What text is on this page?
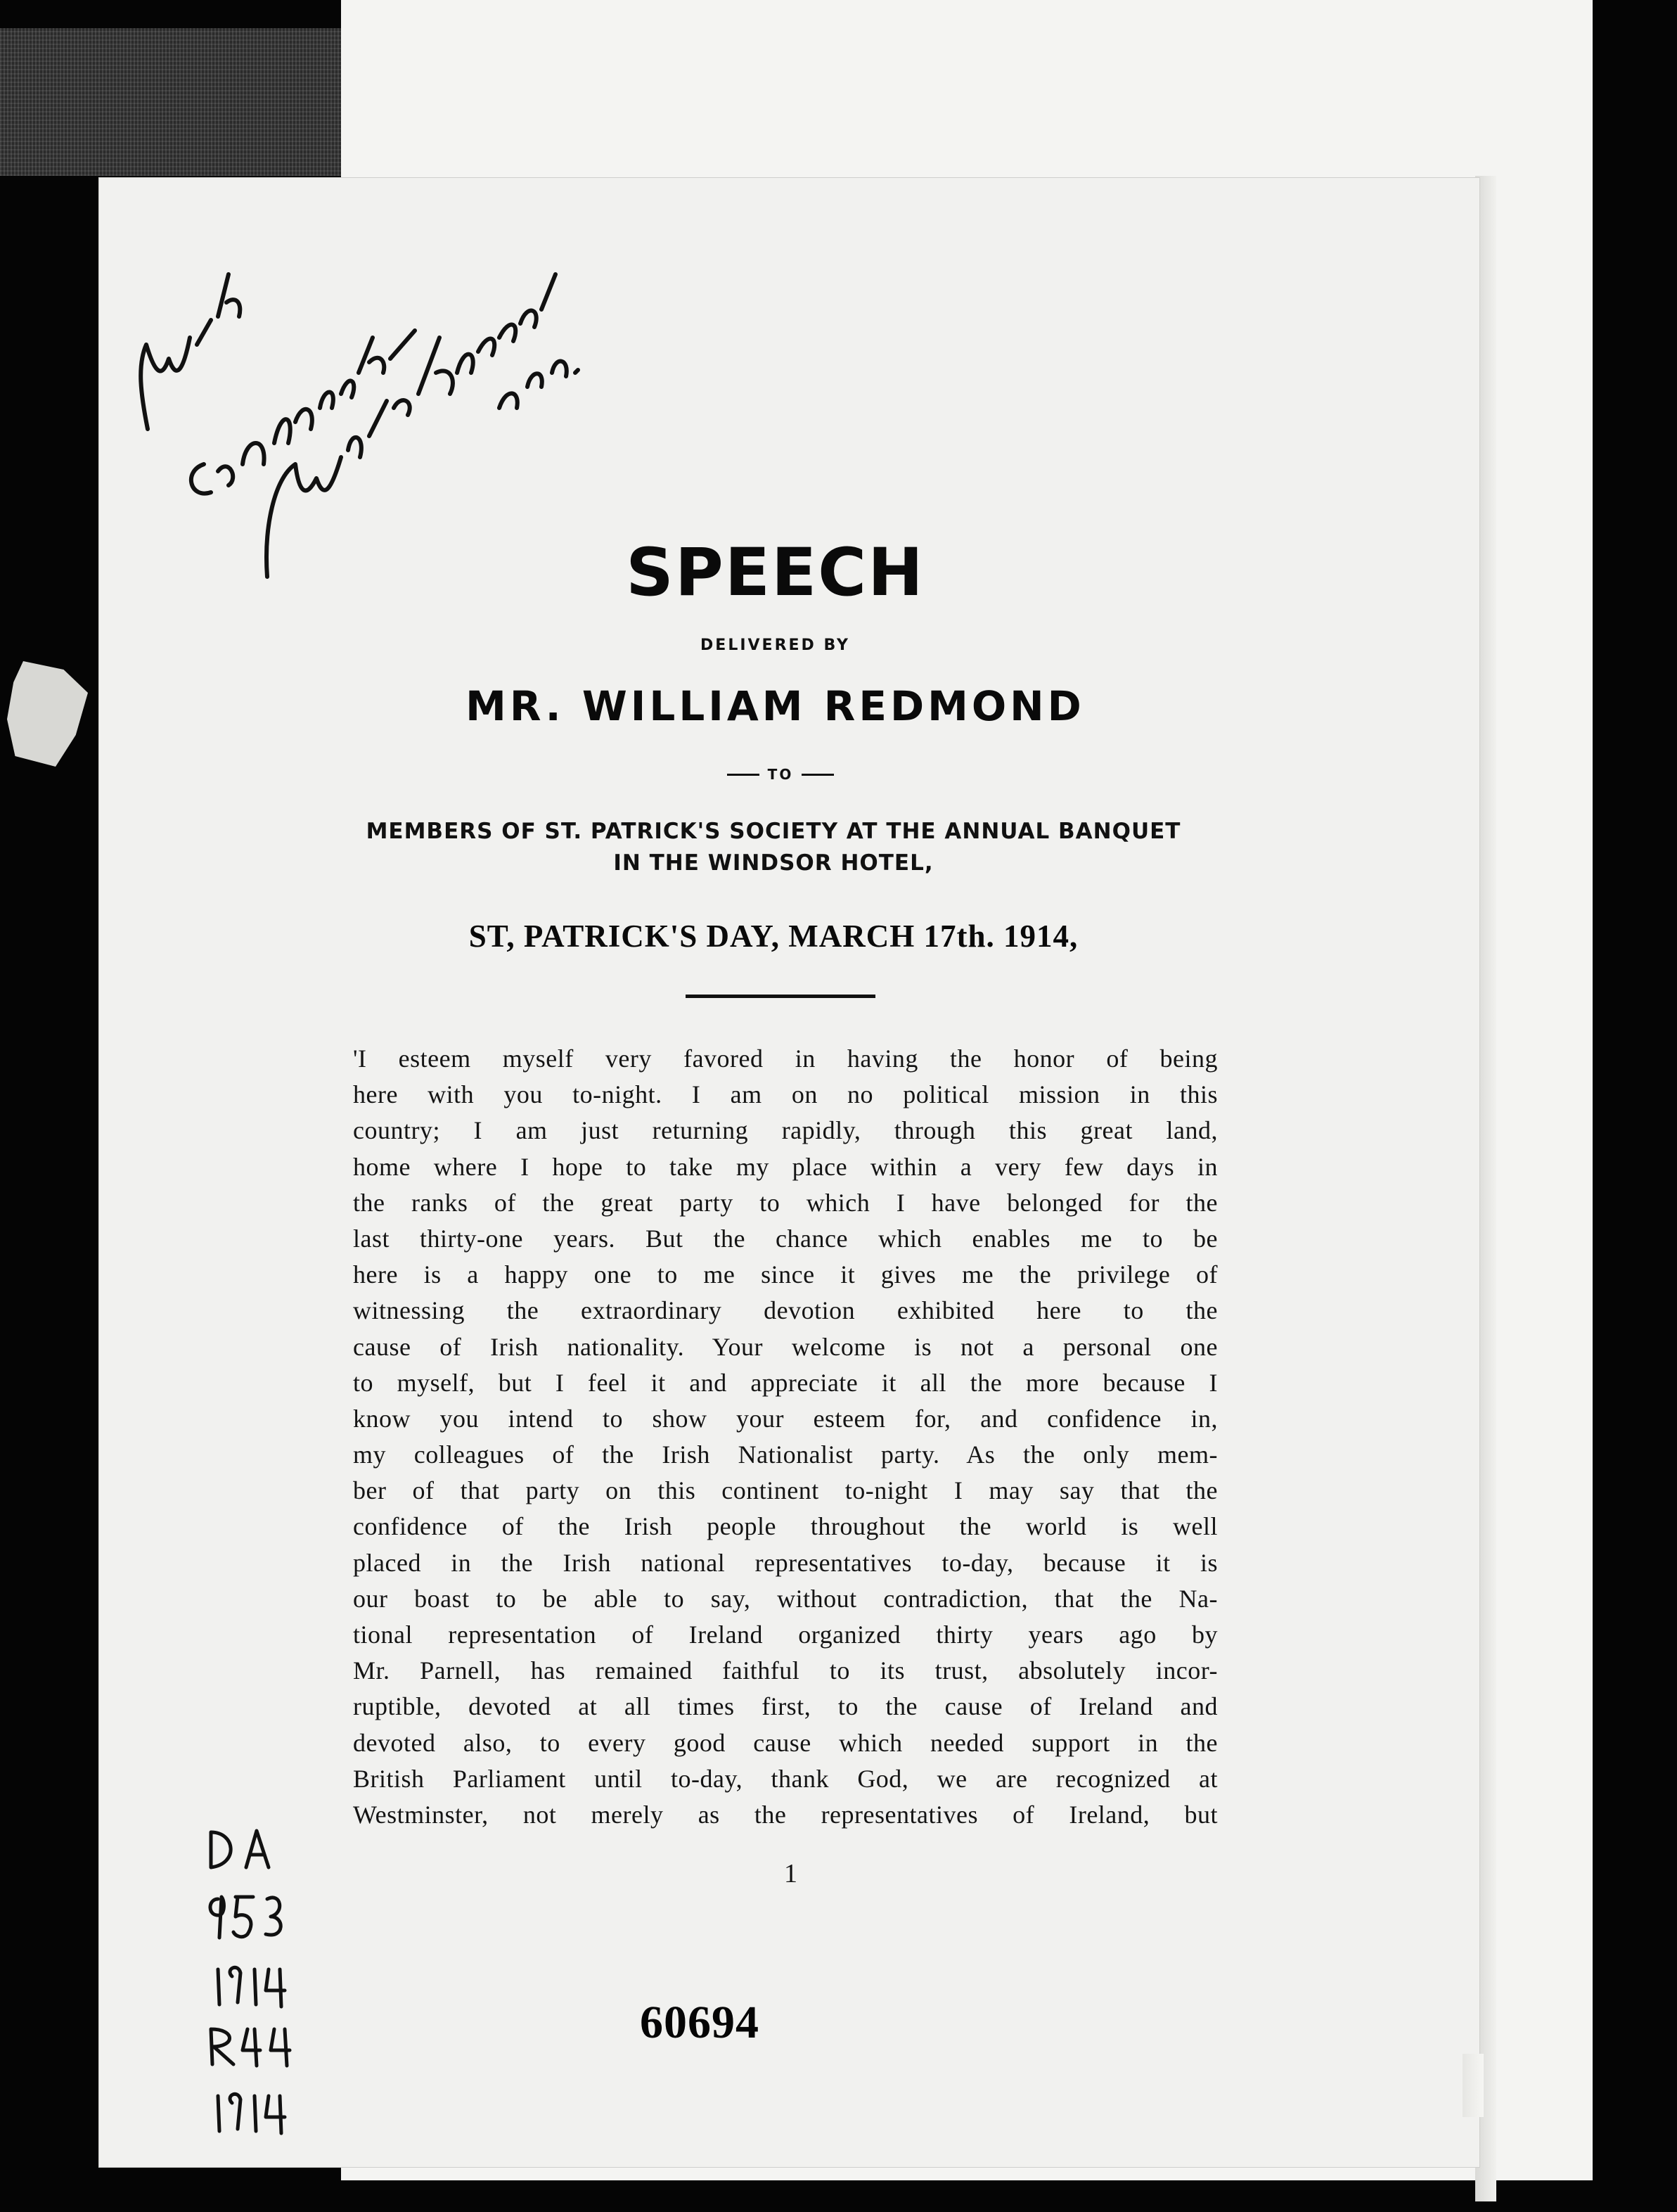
SPEECH
DELIVERED BY
MR. WILLIAM REDMOND
TO
MEMBERS OF ST. PATRICK'S SOCIETY AT THE ANNUAL BANQUET
IN THE WINDSOR HOTEL,
ST, PATRICK'S DAY, MARCH 17th. 1914,
'I esteem myself very favored in having the honor of being
here with you to-night. I am on no political mission in this
country; I am just returning rapidly, through this great land,
home where I hope to take my place within a very few days in
the ranks of the great party to which I have belonged for the
last thirty-one years. But the chance which enables me to be
here is a happy one to me since it gives me the privilege of
witnessing the extraordinary devotion exhibited here to the
cause of Irish nationality. Your welcome is not a personal one
to myself, but I feel it and appreciate it all the more because I
know you intend to show your esteem for, and confidence in,
my colleagues of the Irish Nationalist party. As the only mem-
ber of that party on this continent to-night I may say that the
confidence of the Irish people throughout the world is well
placed in the Irish national representatives to-day, because it is
our boast to be able to say, without contradiction, that the Na-
tional representation of Ireland organized thirty years ago by
Mr. Parnell, has remained faithful to its trust, absolutely incor-
ruptible, devoted at all times first, to the cause of Ireland and
devoted also, to every good cause which needed support in the
British Parliament until to-day, thank God, we are recognized at
Westminster, not merely as the representatives of Ireland, but
1
60694
